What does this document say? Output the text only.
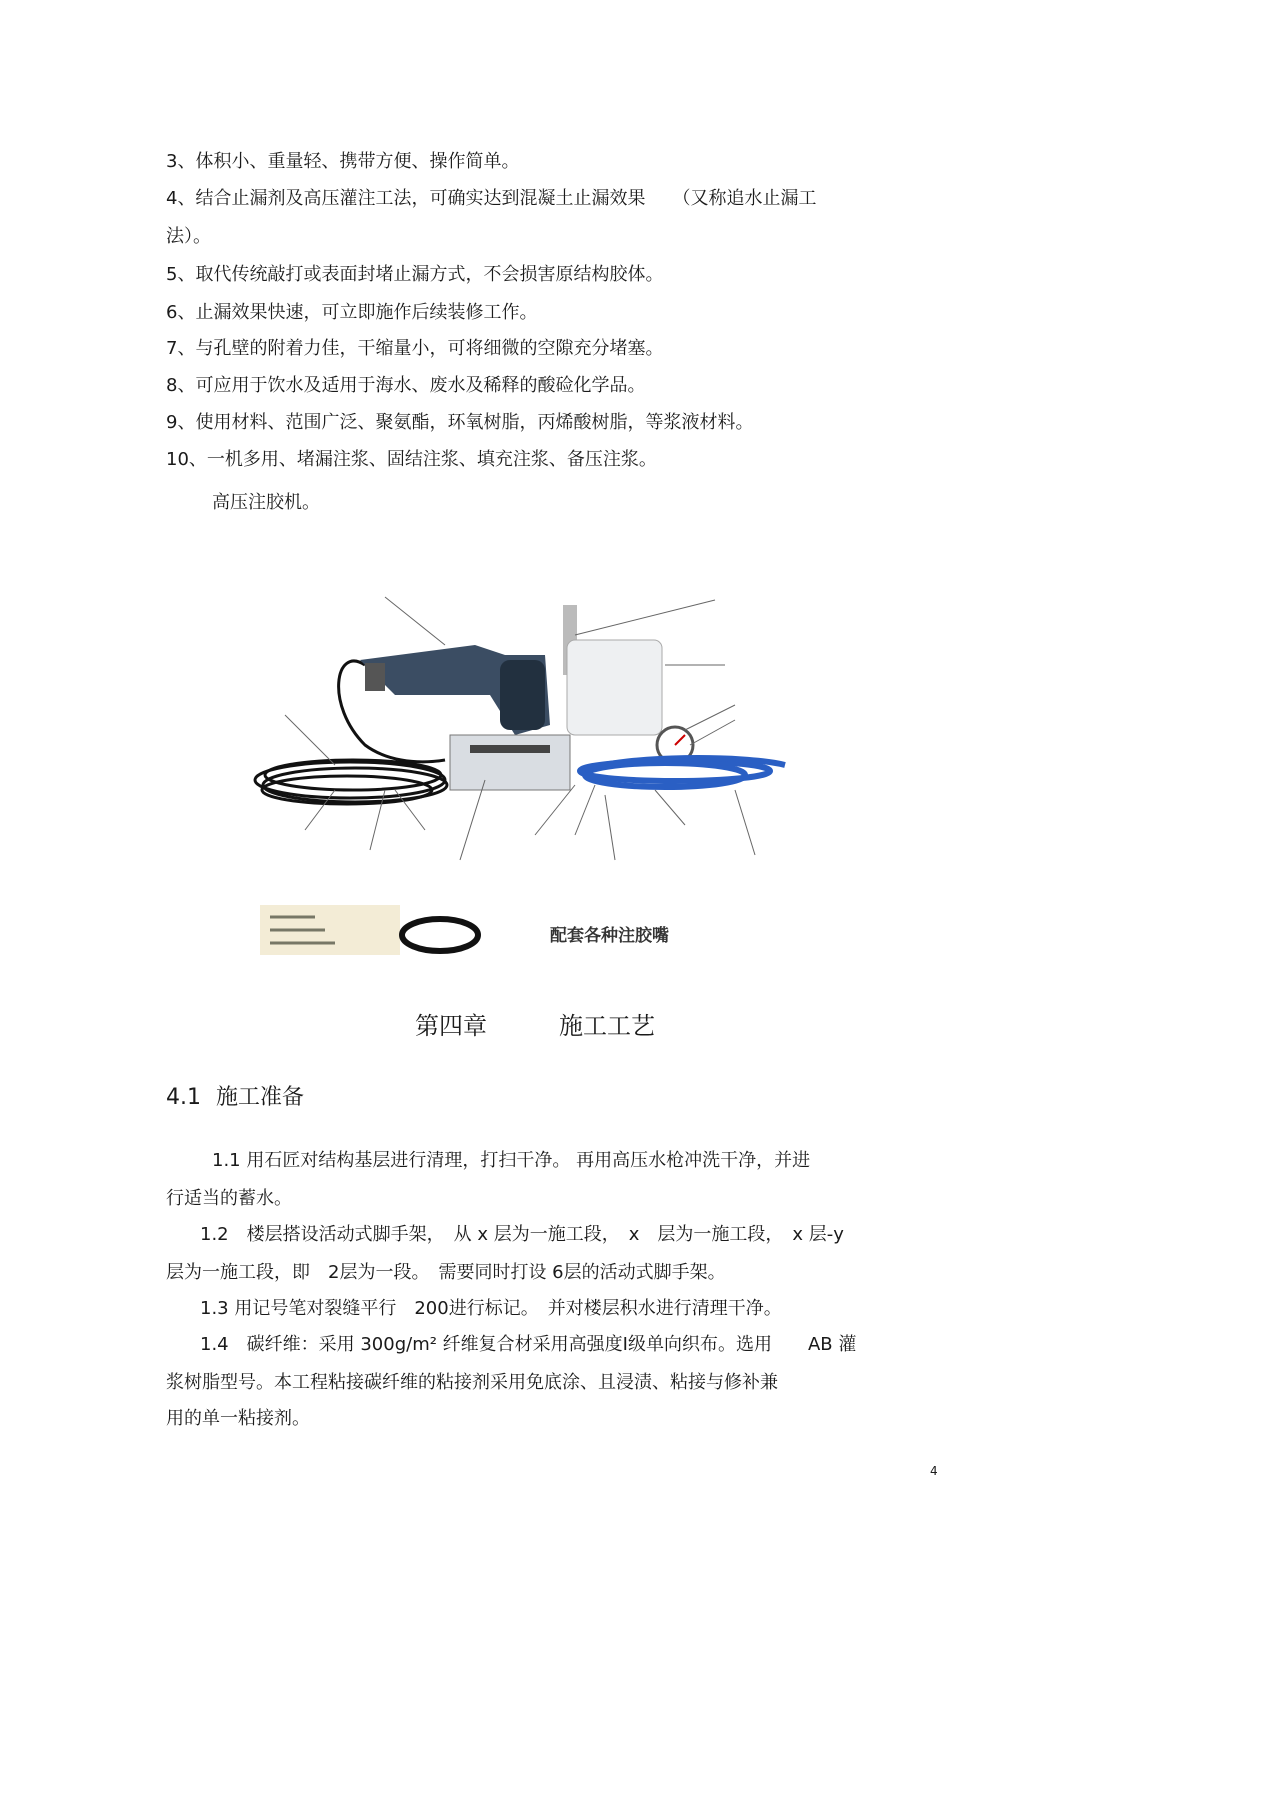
3、体积小、重量轻、携带方便、操作简单。
4、结合止漏剂及高压灌注工法，可确实达到混凝土止漏效果　　（又称追水止漏工
法）。
5、取代传统敲打或表面封堵止漏方式，不会损害原结构胶体。
6、止漏效果快速，可立即施作后续装修工作。
7、与孔壁的附着力佳，干缩量小，可将细微的空隙充分堵塞。
8、可应用于饮水及适用于海水、废水及稀释的酸硷化学品。
9、使用材料、范围广泛、聚氨酯，环氧树脂，丙烯酸树脂，等浆液材料。
10、一机多用、堵漏注浆、固结注浆、填充注浆、备压注浆。
高压注胶机。
配套各种注胶嘴
第四章　　　施工工艺
4.1 施工准备
1.1 用石匠对结构基层进行清理，打扫干净。 再用高压水枪冲洗干净，并进
行适当的蓄水。
1.2　楼层搭设活动式脚手架，　从 x 层为一施工段，　x　层为一施工段，　x 层-y
层为一施工段，即　2层为一段。　需要同时打设 6层的活动式脚手架。
1.3 用记号笔对裂缝平行　200进行标记。　并对楼层积水进行清理干净。
1.4　碳纤维：采用 300g/m² 纤维复合材采用高强度Ⅰ级单向织布。选用　　AB 灌
浆树脂型号。本工程粘接碳纤维的粘接剂采用免底涂、且浸渍、粘接与修补兼
用的单一粘接剂。
4
